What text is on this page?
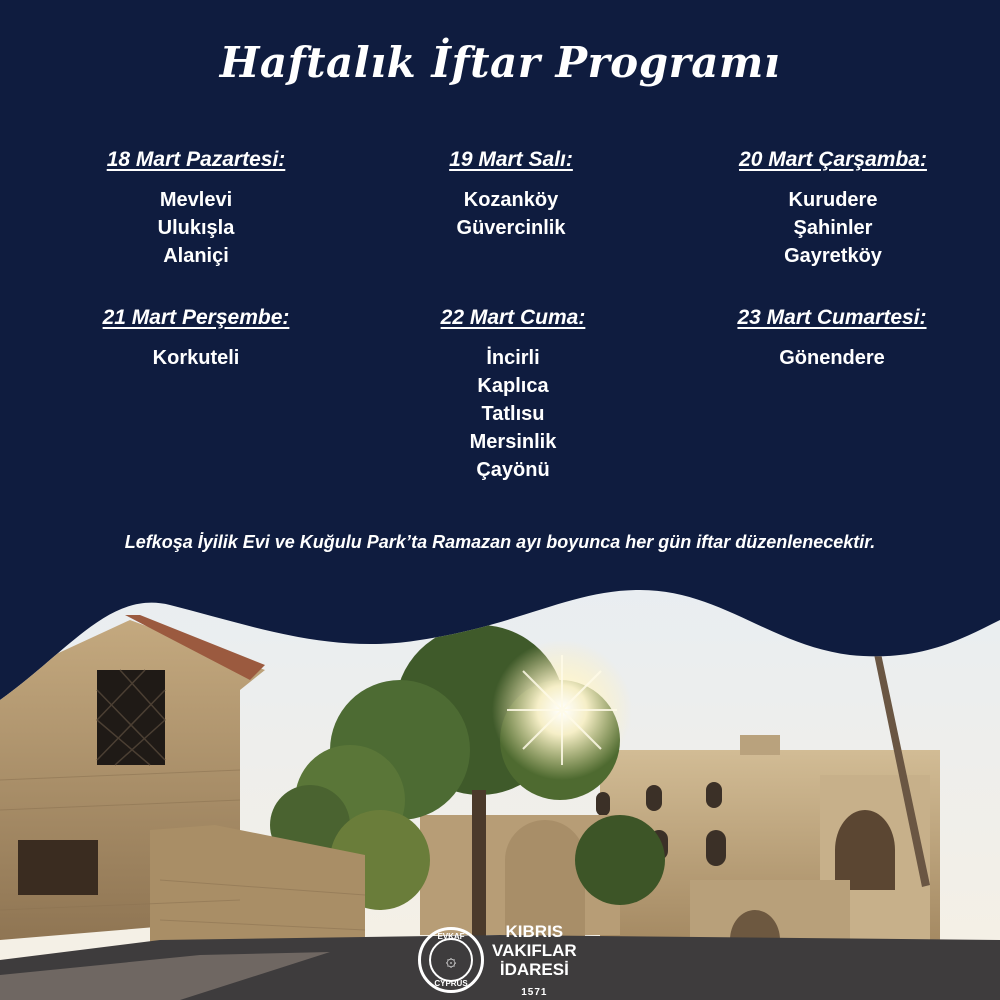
Haftalık İftar Programı
18 Mart Pazartesi:
Mevlevi
Ulukışla
Alaniçi
19 Mart Salı:
Kozanköy
Güvercinlik
20 Mart Çarşamba:
Kurudere
Şahinler
Gayretköy
21 Mart Perşembe:
Korkuteli
22 Mart Cuma:
İncirli
Kaplıca
Tatlısu
Mersinlik
Çayönü
23 Mart Cumartesi:
Gönendere

Lefkoşa İyilik Evi ve Kuğulu Park’ta Ramazan ayı boyunca her gün iftar düzenlenecektir.

EVKAF
۞
CYPRUS
KIBRIS
VAKIFLAR
İDARESİ
1571
